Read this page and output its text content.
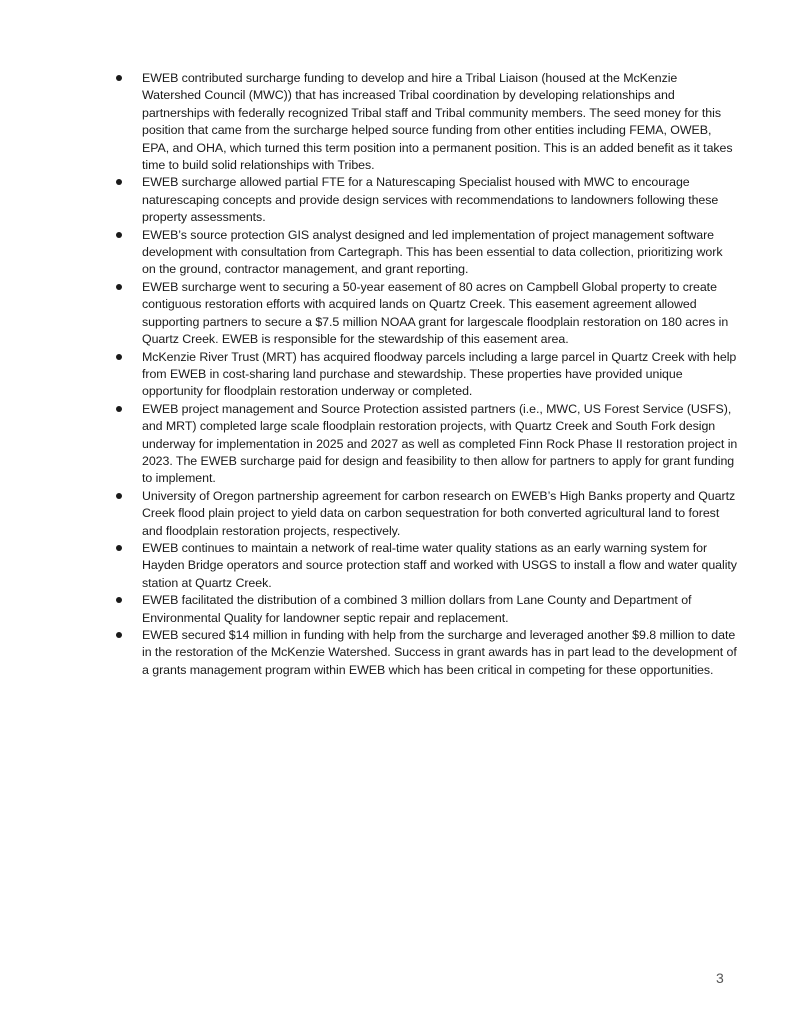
EWEB contributed surcharge funding to develop and hire a Tribal Liaison (housed at the McKenzie Watershed Council (MWC)) that has increased Tribal coordination by developing relationships and partnerships with federally recognized Tribal staff and Tribal community members. The seed money for this position that came from the surcharge helped source funding from other entities including FEMA, OWEB, EPA, and OHA, which turned this term position into a permanent position. This is an added benefit as it takes time to build solid relationships with Tribes.
EWEB surcharge allowed partial FTE for a Naturescaping Specialist housed with MWC to encourage naturescaping concepts and provide design services with recommendations to landowners following these property assessments.
EWEB’s source protection GIS analyst designed and led implementation of project management software development with consultation from Cartegraph. This has been essential to data collection, prioritizing work on the ground, contractor management, and grant reporting.
EWEB surcharge went to securing a 50-year easement of 80 acres on Campbell Global property to create contiguous restoration efforts with acquired lands on Quartz Creek. This easement agreement allowed supporting partners to secure a $7.5 million NOAA grant for largescale floodplain restoration on 180 acres in Quartz Creek. EWEB is responsible for the stewardship of this easement area.
McKenzie River Trust (MRT) has acquired floodway parcels including a large parcel in Quartz Creek with help from EWEB in cost-sharing land purchase and stewardship. These properties have provided unique opportunity for floodplain restoration underway or completed.
EWEB project management and Source Protection assisted partners (i.e., MWC, US Forest Service (USFS), and MRT) completed large scale floodplain restoration projects, with Quartz Creek and South Fork design underway for implementation in 2025 and 2027 as well as completed Finn Rock Phase II restoration project in 2023. The EWEB surcharge paid for design and feasibility to then allow for partners to apply for grant funding to implement.
University of Oregon partnership agreement for carbon research on EWEB’s High Banks property and Quartz Creek flood plain project to yield data on carbon sequestration for both converted agricultural land to forest and floodplain restoration projects, respectively.
EWEB continues to maintain a network of real-time water quality stations as an early warning system for Hayden Bridge operators and source protection staff and worked with USGS to install a flow and water quality station at Quartz Creek.
EWEB facilitated the distribution of a combined 3 million dollars from Lane County and Department of Environmental Quality for landowner septic repair and replacement.
EWEB secured $14 million in funding with help from the surcharge and leveraged another $9.8 million to date in the restoration of the McKenzie Watershed. Success in grant awards has in part lead to the development of a grants management program within EWEB which has been critical in competing for these opportunities.
3
